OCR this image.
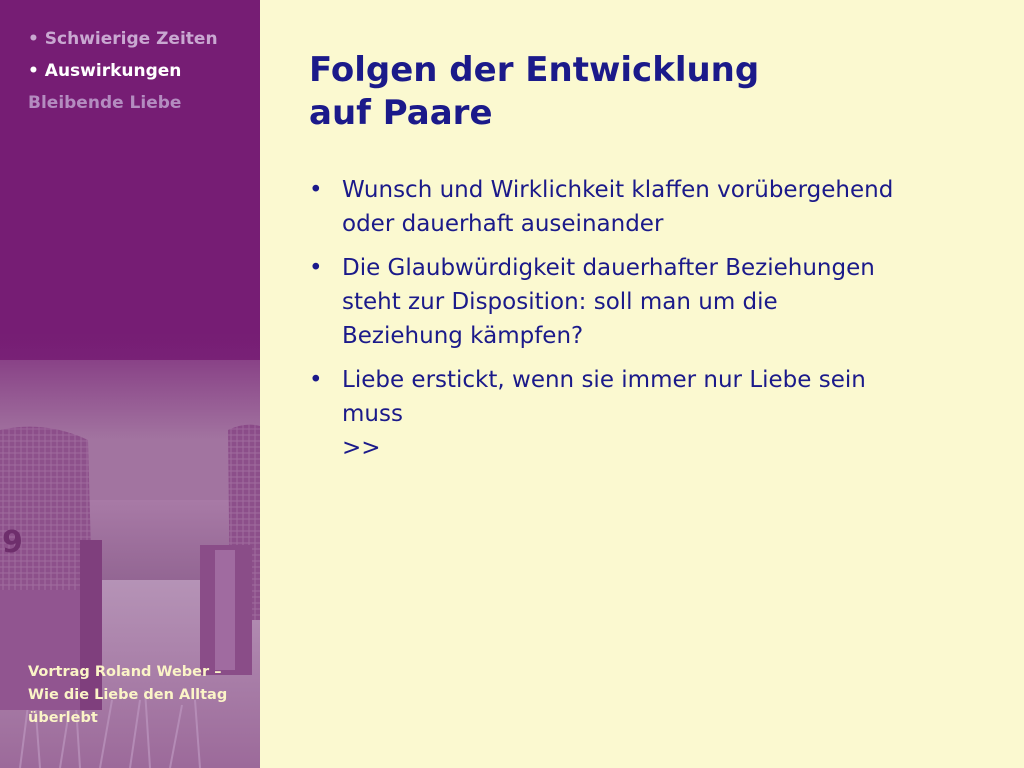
9
• Schwierige Zeiten
• Auswirkungen
Bleibende Liebe
Vortrag Roland Weber –
Wie die Liebe den Alltag
überlebt
Folgen der Entwicklung
auf Paare
• Wunsch und Wirklichkeit klaffen vorübergehend
oder dauerhaft auseinander
• Die Glaubwürdigkeit dauerhafter Beziehungen
steht zur Disposition: soll man um die
Beziehung kämpfen?
• Liebe erstickt, wenn sie immer nur Liebe sein
muss
>>
